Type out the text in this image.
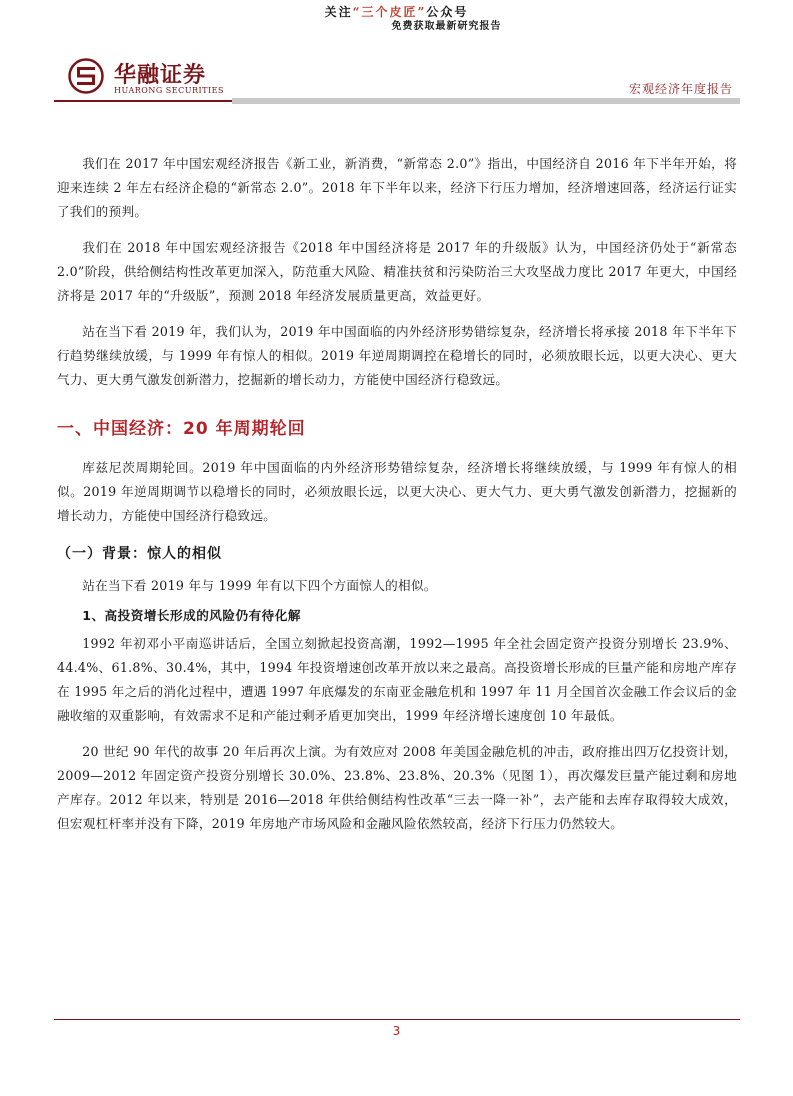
关注“三个皮匠”公众号
免费获取最新研究报告
华融证券
HUARONG SECURITIES	宏观经济年度报告

我们在 2017 年中国宏观经济报告《新工业，新消费，“新常态 2.0”》指出，中国经济自 2016 年下半年开始，将迎来连续 2 年左右经济企稳的“新常态 2.0”。2018 年下半年以来，经济下行压力增加，经济增速回落，经济运行证实了我们的预判。

我们在 2018 年中国宏观经济报告《2018 年中国经济将是 2017 年的升级版》认为，中国经济仍处于“新常态 2.0”阶段，供给侧结构性改革更加深入，防范重大风险、精准扶贫和污染防治三大攻坚战力度比 2017 年更大，中国经济将是 2017 年的“升级版”，预测 2018 年经济发展质量更高，效益更好。

站在当下看 2019 年，我们认为，2019 年中国面临的内外经济形势错综复杂，经济增长将承接 2018 年下半年下行趋势继续放缓，与 1999 年有惊人的相似。2019 年逆周期调控在稳增长的同时，必须放眼长远，以更大决心、更大气力、更大勇气激发创新潜力，挖掘新的增长动力，方能使中国经济行稳致远。

一、中国经济：20 年周期轮回

库兹尼茨周期轮回。2019 年中国面临的内外经济形势错综复杂，经济增长将继续放缓，与 1999 年有惊人的相似。2019 年逆周期调节以稳增长的同时，必须放眼长远，以更大决心、更大气力、更大勇气激发创新潜力，挖掘新的增长动力，方能使中国经济行稳致远。

（一）背景：惊人的相似

站在当下看 2019 年与 1999 年有以下四个方面惊人的相似。

1、高投资增长形成的风险仍有待化解

1992 年初邓小平南巡讲话后，全国立刻掀起投资高潮，1992—1995 年全社会固定资产投资分别增长 23.9%、44.4%、61.8%、30.4%，其中，1994 年投资增速创改革开放以来之最高。高投资增长形成的巨量产能和房地产库存在 1995 年之后的消化过程中，遭遇 1997 年底爆发的东南亚金融危机和 1997 年 11 月全国首次金融工作会议后的金融收缩的双重影响，有效需求不足和产能过剩矛盾更加突出，1999 年经济增长速度创 10 年最低。

20 世纪 90 年代的故事 20 年后再次上演。为有效应对 2008 年美国金融危机的冲击，政府推出四万亿投资计划，2009—2012 年固定资产投资分别增长 30.0%、23.8%、23.8%、20.3%（见图 1），再次爆发巨量产能过剩和房地产库存。2012 年以来，特别是 2016—2018 年供给侧结构性改革“三去一降一补”，去产能和去库存取得较大成效，但宏观杠杆率并没有下降，2019 年房地产市场风险和金融风险依然较高，经济下行压力仍然较大。

3
